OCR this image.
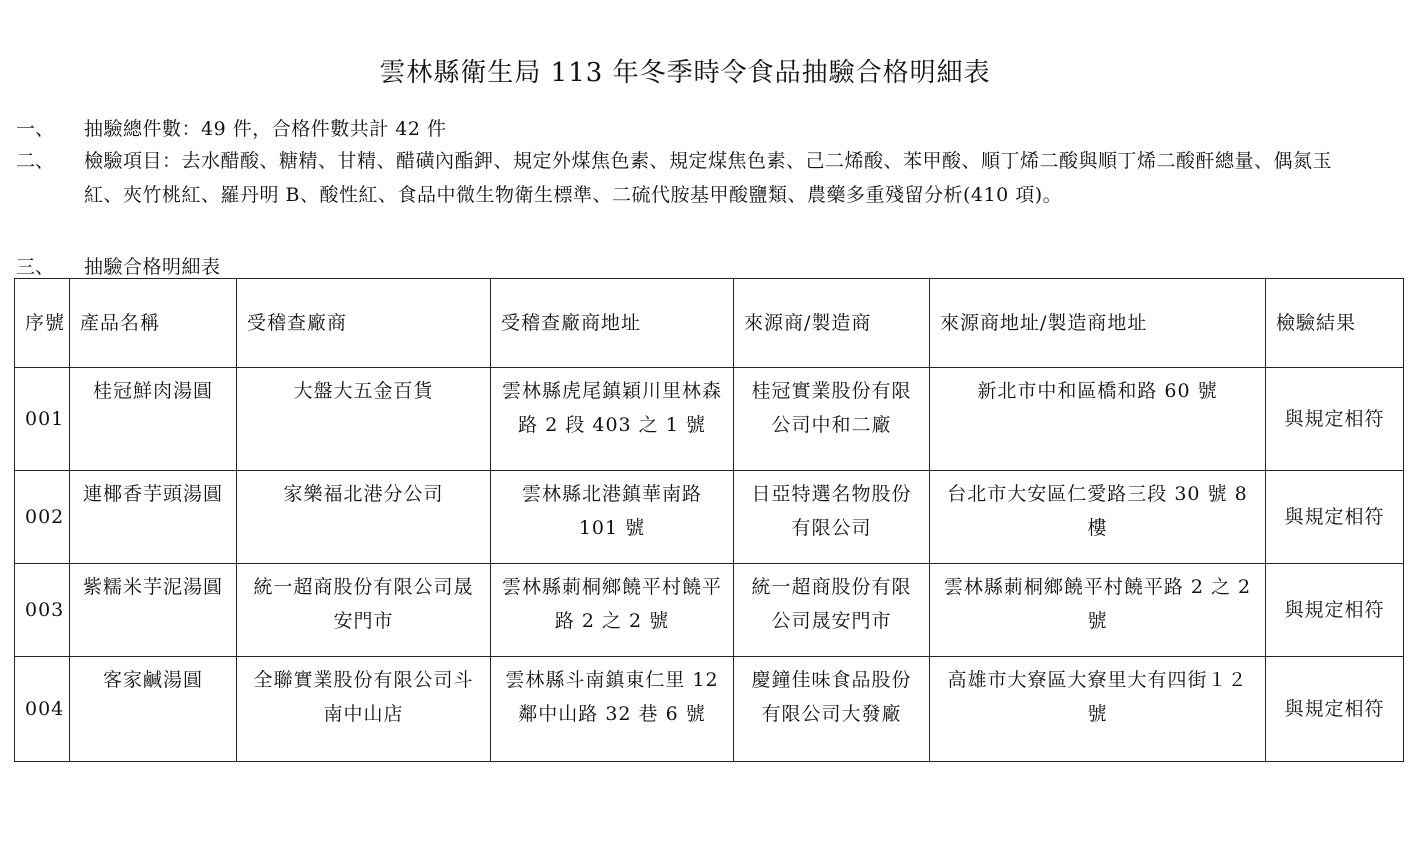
雲林縣衛生局 113 年冬季時令食品抽驗合格明細表
一、	抽驗總件數：49 件，合格件數共計 42 件
二、	檢驗項目：去水醋酸、糖精、甘精、醋磺內酯鉀、規定外煤焦色素、規定煤焦色素、己二烯酸、苯甲酸、順丁烯二酸與順丁烯二酸酐總量、偶氮玉紅、夾竹桃紅、羅丹明 B、酸性紅、食品中微生物衛生標準、二硫代胺基甲酸鹽類、農藥多重殘留分析(410 項)。
三、	抽驗合格明細表
序號	產品名稱	受稽查廠商	受稽查廠商地址	來源商/製造商	來源商地址/製造商地址	檢驗結果
001	桂冠鮮肉湯圓	大盤大五金百貨	雲林縣虎尾鎮穎川里林森路 2 段 403 之 1 號	桂冠實業股份有限公司中和二廠	新北市中和區橋和路 60 號	與規定相符
002	連椰香芋頭湯圓	家樂福北港分公司	雲林縣北港鎮華南路 101 號	日亞特選名物股份有限公司	台北市大安區仁愛路三段 30 號 8 樓	與規定相符
003	紫糯米芋泥湯圓	統一超商股份有限公司晟安門市	雲林縣莿桐鄉饒平村饒平路 2 之 2 號	統一超商股份有限公司晟安門市	雲林縣莿桐鄉饒平村饒平路 2 之 2 號	與規定相符
004	客家鹹湯圓	全聯實業股份有限公司斗南中山店	雲林縣斗南鎮東仁里 12 鄰中山路 32 巷 6 號	慶鐘佳味食品股份有限公司大發廠	高雄市大寮區大寮里大有四街１２號	與規定相符
